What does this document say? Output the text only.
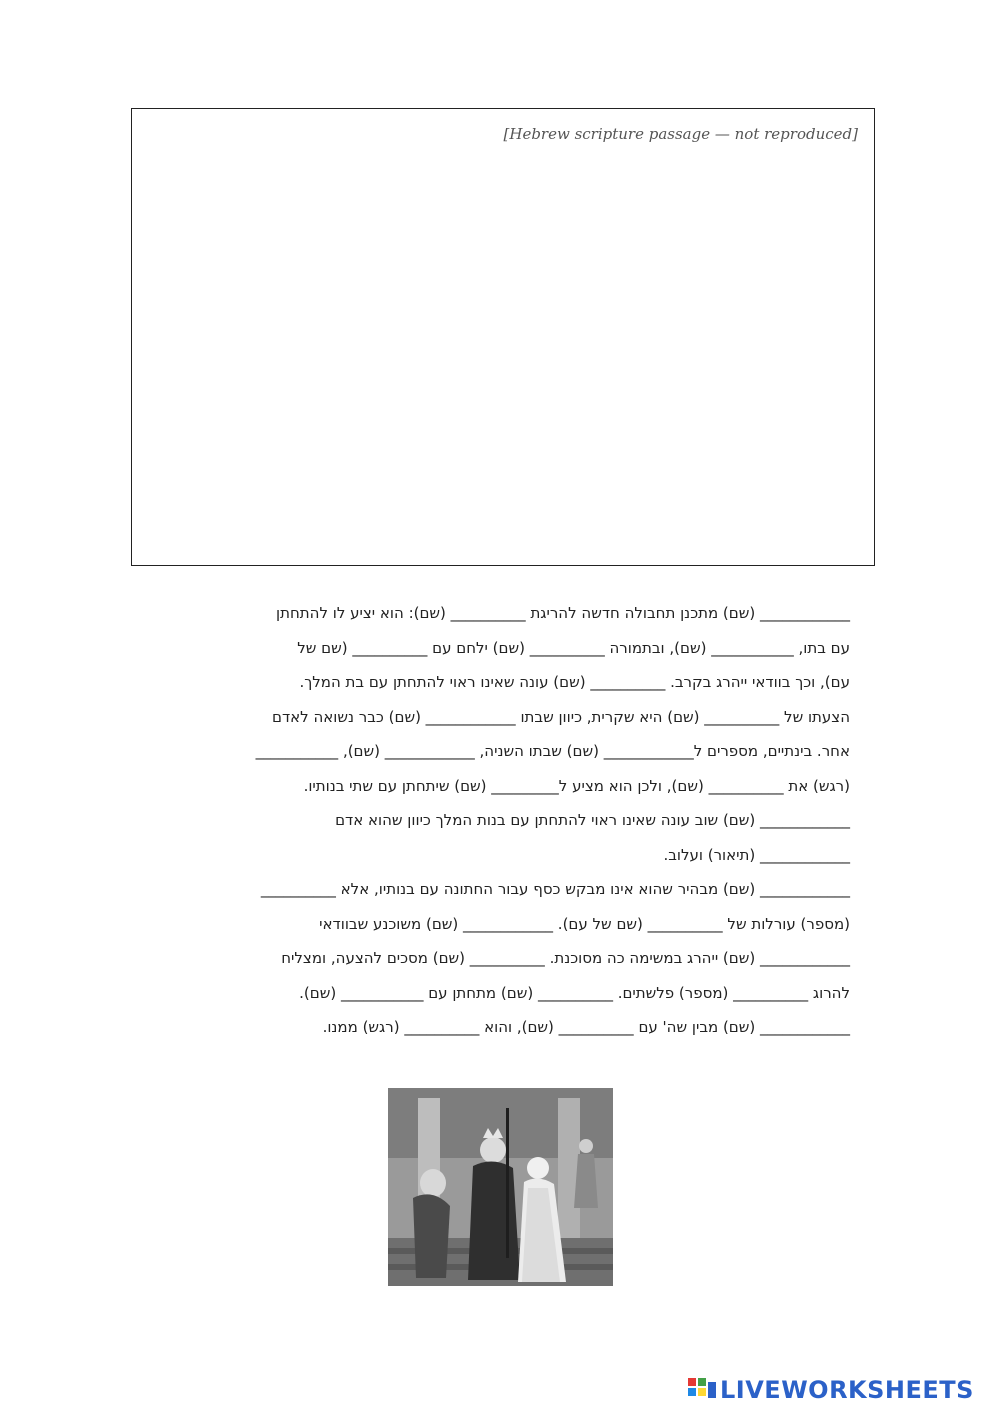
[Hebrew scripture passage — not reproduced]
____________ (שם) מתכנן תחבולה חדשה להריגת __________ (שם): הוא יציע לו להתחתן
עם בתו, ___________ (שם), ובתמורה __________ (שם) ילחם עם __________ (שם של
עם), וכך בוודאי ייהרג בקרב. __________ (שם) עונה שאינו ראוי להתחתן עם בת המלך.
הצעתו של __________ (שם) היא שקרית, כיוון שבתו ____________ (שם) כבר נשואה לאדם
אחר. בינתיים, מספרים ל____________ (שם) שבתו השניה, ____________ (שם), ___________
(רגש) את __________ (שם), ולכן הוא מציע ל_________ (שם) שיתחתן עם שתי בנותיו.
____________ (שם) שוב עונה שאינו ראוי להתחתן עם בנות המלך כיוון שהוא אדם
____________ (תיאור) ועלוב.
____________ (שם) מבהיר שהוא אינו מבקש כסף עבור החתונה עם בנותיו, אלא __________
(מספר) עורלות של __________ (שם של עם). ____________ (שם) משוכנע שבוודאי
____________ (שם) ייהרג במשימה כה מסוכנת. __________ (שם) מסכים להצעה, ומצליח
להרוג __________ (מספר) פלשתים. __________ (שם) מתחתן עם ___________ (שם).
____________ (שם) מבין שה' עם __________ (שם), והוא __________ (רגש) ממנו.
LIVEWORKSHEETS
